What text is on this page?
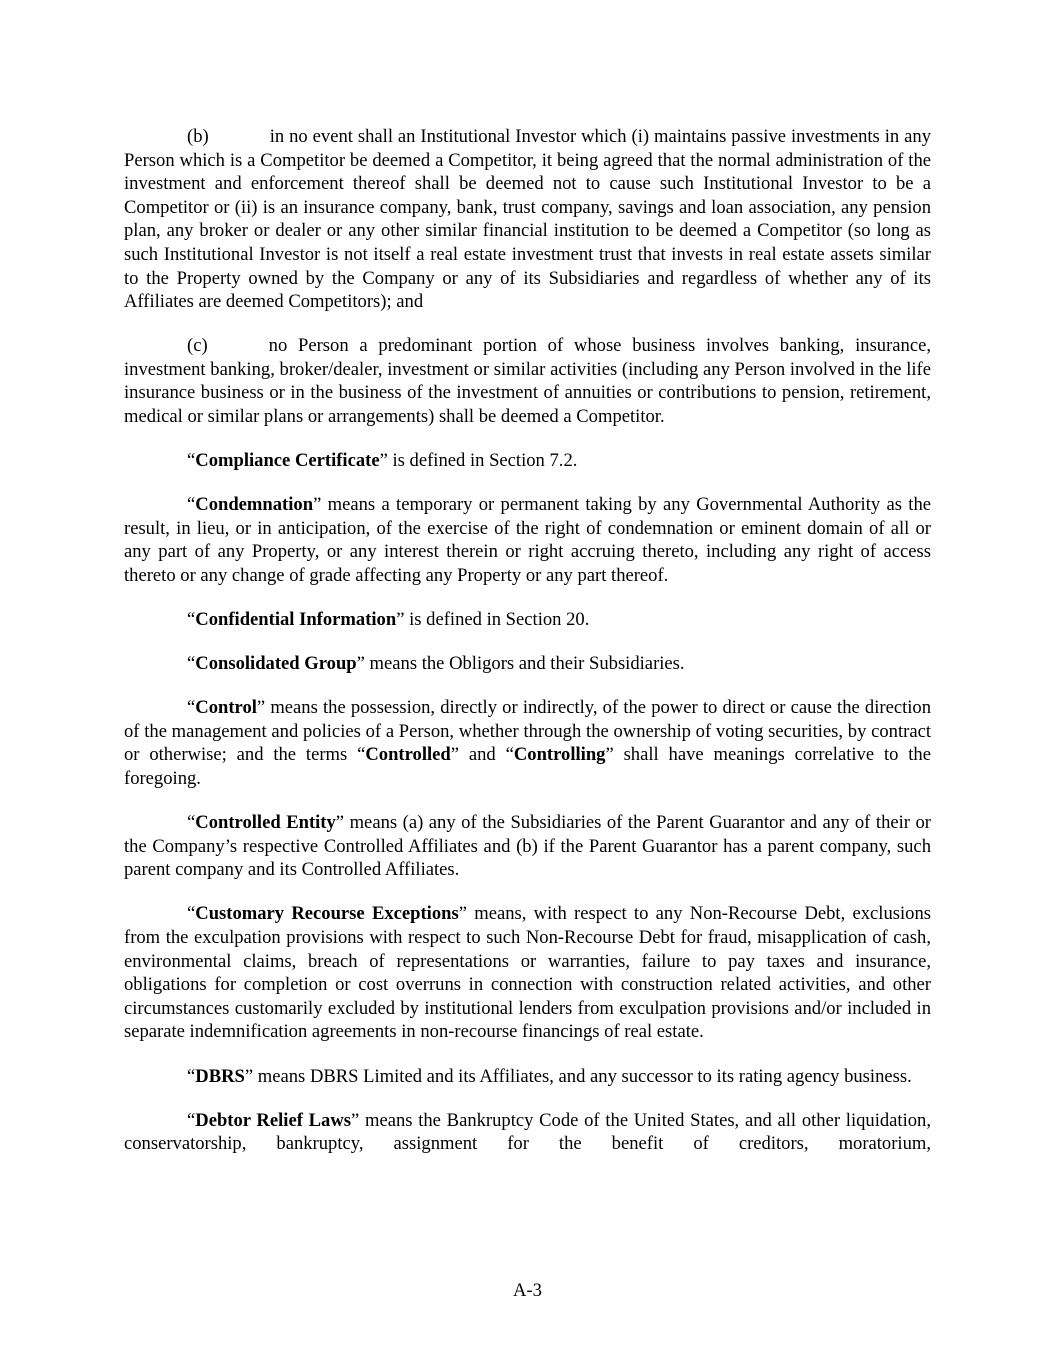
(b)	in no event shall an Institutional Investor which (i) maintains passive investments in any Person which is a Competitor be deemed a Competitor, it being agreed that the normal administration of the investment and enforcement thereof shall be deemed not to cause such Institutional Investor to be a Competitor or (ii) is an insurance company, bank, trust company, savings and loan association, any pension plan, any broker or dealer or any other similar financial institution to be deemed a Competitor (so long as such Institutional Investor is not itself a real estate investment trust that invests in real estate assets similar to the Property owned by the Company or any of its Subsidiaries and regardless of whether any of its Affiliates are deemed Competitors); and

(c)	no Person a predominant portion of whose business involves banking, insurance, investment banking, broker/dealer, investment or similar activities (including any Person involved in the life insurance business or in the business of the investment of annuities or contributions to pension, retirement, medical or similar plans or arrangements) shall be deemed a Competitor.

“Compliance Certificate” is defined in Section 7.2.

“Condemnation” means a temporary or permanent taking by any Governmental Authority as the result, in lieu, or in anticipation, of the exercise of the right of condemnation or eminent domain of all or any part of any Property, or any interest therein or right accruing thereto, including any right of access thereto or any change of grade affecting any Property or any part thereof.

“Confidential Information” is defined in Section 20.

“Consolidated Group” means the Obligors and their Subsidiaries.

“Control” means the possession, directly or indirectly, of the power to direct or cause the direction of the management and policies of a Person, whether through the ownership of voting securities, by contract or otherwise; and the terms “Controlled” and “Controlling” shall have meanings correlative to the foregoing.

“Controlled Entity” means (a) any of the Subsidiaries of the Parent Guarantor and any of their or the Company’s respective Controlled Affiliates and (b) if the Parent Guarantor has a parent company, such parent company and its Controlled Affiliates.

“Customary Recourse Exceptions” means, with respect to any Non-Recourse Debt, exclusions from the exculpation provisions with respect to such Non-Recourse Debt for fraud, misapplication of cash, environmental claims, breach of representations or warranties, failure to pay taxes and insurance, obligations for completion or cost overruns in connection with construction related activities, and other circumstances customarily excluded by institutional lenders from exculpation provisions and/or included in separate indemnification agreements in non-recourse financings of real estate.

“DBRS” means DBRS Limited and its Affiliates, and any successor to its rating agency business.

“Debtor Relief Laws” means the Bankruptcy Code of the United States, and all other liquidation, conservatorship, bankruptcy, assignment for the benefit of creditors, moratorium,

A-3
